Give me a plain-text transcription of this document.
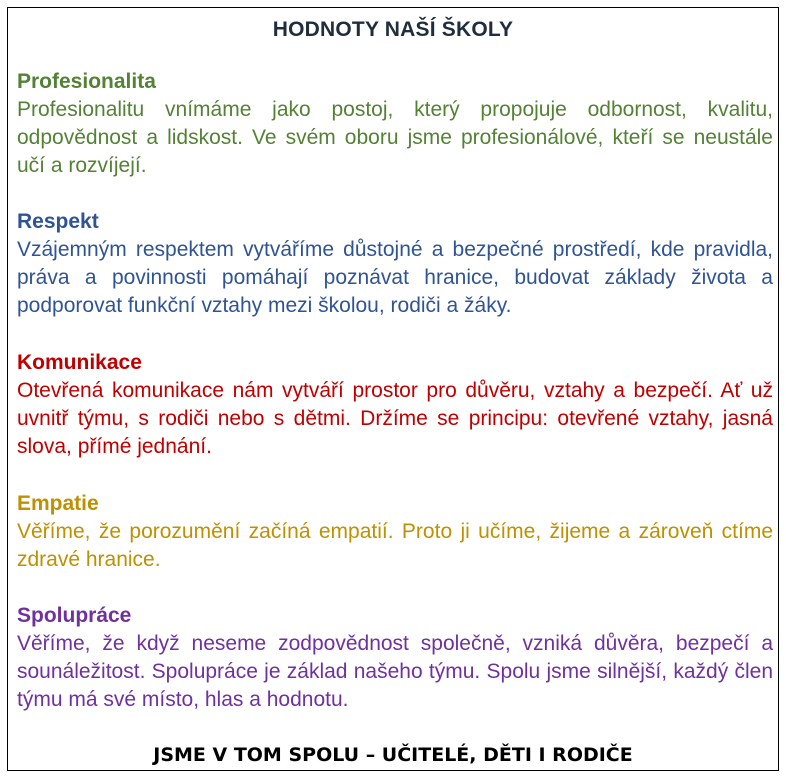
HODNOTY NAŠÍ ŠKOLY
Profesionalita
Profesionalitu vnímáme jako postoj, který propojuje odbornost, kvalitu, odpovědnost a lidskost. Ve svém oboru jsme profesionálové, kteří se neustále učí a rozvíjejí.
Respekt
Vzájemným respektem vytváříme důstojné a bezpečné prostředí, kde pravidla, práva a povinnosti pomáhají poznávat hranice, budovat základy života a podporovat funkční vztahy mezi školou, rodiči a žáky.
Komunikace
Otevřená komunikace nám vytváří prostor pro důvěru, vztahy a bezpečí. Ať už uvnitř týmu, s rodiči nebo s dětmi. Držíme se principu: otevřené vztahy, jasná slova, přímé jednání.
Empatie
Věříme, že porozumění začíná empatií. Proto ji učíme, žijeme a zároveň ctíme zdravé hranice.
Spolupráce
Věříme, že když neseme zodpovědnost společně, vzniká důvěra, bezpečí a sounáležitost. Spolupráce je základ našeho týmu. Spolu jsme silnější, každý člen týmu má své místo, hlas a hodnotu.
JSME V TOM SPOLU – UČITELÉ, DĚTI I RODIČE
